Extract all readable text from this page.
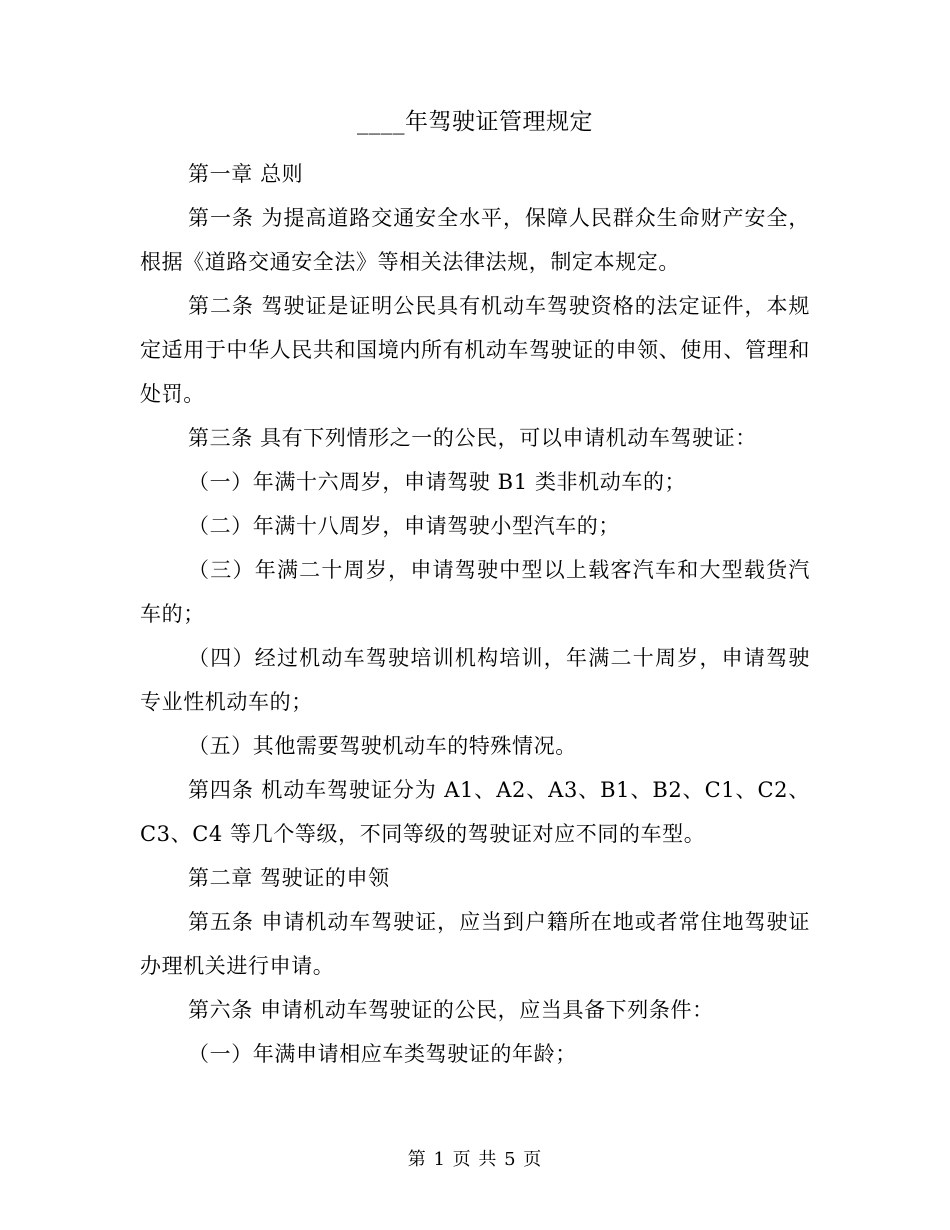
____年驾驶证管理规定

第一章 总则

第一条 为提高道路交通安全水平，保障人民群众生命财产安全，根据《道路交通安全法》等相关法律法规，制定本规定。

第二条 驾驶证是证明公民具有机动车驾驶资格的法定证件，本规定适用于中华人民共和国境内所有机动车驾驶证的申领、使用、管理和处罚。

第三条 具有下列情形之一的公民，可以申请机动车驾驶证：

（一）年满十六周岁，申请驾驶 B1 类非机动车的；

（二）年满十八周岁，申请驾驶小型汽车的；

（三）年满二十周岁，申请驾驶中型以上载客汽车和大型载货汽车的；

（四）经过机动车驾驶培训机构培训，年满二十周岁，申请驾驶专业性机动车的；

（五）其他需要驾驶机动车的特殊情况。

第四条 机动车驾驶证分为 A1、A2、A3、B1、B2、C1、C2、C3、C4 等几个等级，不同等级的驾驶证对应不同的车型。

第二章 驾驶证的申领

第五条 申请机动车驾驶证，应当到户籍所在地或者常住地驾驶证办理机关进行申请。

第六条 申请机动车驾驶证的公民，应当具备下列条件：

（一）年满申请相应车类驾驶证的年龄；

第 1 页 共 5 页
